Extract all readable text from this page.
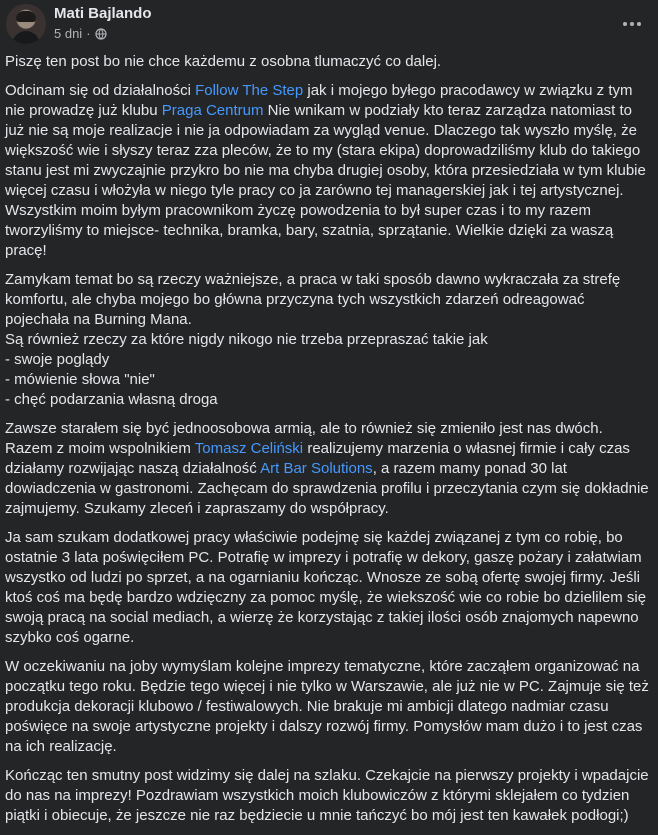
Mati Bajlando
5 dni ·

Piszę ten post bo nie chce każdemu z osobna tlumaczyć co dalej.

Odcinam się od działalności Follow The Step jak i mojego byłego pracodawcy w związku z tym nie prowadzę już klubu Praga Centrum Nie wnikam w podziały kto teraz zarządza natomiast to już nie są moje realizacje i nie ja odpowiadam za wygląd venue. Dlaczego tak wyszło myślę, że większość wie i słyszy teraz zza pleców, że to my (stara ekipa) doprowadziliśmy klub do takiego stanu jest mi zwyczajnie przykro bo nie ma chyba drugiej osoby, która przesiedziała w tym klubie więcej czasu i włożyła w niego tyle pracy co ja zarówno tej managerskiej jak i tej artystycznej. Wszystkim moim byłym pracownikom życzę powodzenia to był super czas i to my razem tworzyliśmy to miejsce- technika, bramka, bary, szatnia, sprzątanie. Wielkie dzięki za waszą pracę!

Zamykam temat bo są rzeczy ważniejsze, a praca w taki sposób dawno wykraczała za strefę komfortu, ale chyba mojego bo główna przyczyna tych wszystkich zdarzeń odreagować pojechała na Burning Mana.
Są również rzeczy za które nigdy nikogo nie trzeba przepraszać takie jak
- swoje poglądy
- mówienie słowa "nie"
- chęć podarzania własną droga

Zawsze starałem się być jednoosobowa armią, ale to również się zmieniło jest nas dwóch. Razem z moim wspolnikiem Tomasz Celiński realizujemy marzenia o własnej firmie i cały czas działamy rozwijając naszą działalność Art Bar Solutions, a razem mamy ponad 30 lat dowiadczenia w gastronomi. Zachęcam do sprawdzenia profilu i przeczytania czym się dokładnie zajmujemy. Szukamy zleceń i zapraszamy do współpracy.

Ja sam szukam dodatkowej pracy właściwie podejmę się każdej związanej z tym co robię, bo ostatnie 3 lata poświęciłem PC. Potrafię w imprezy i potrafię w dekory, gaszę pożary i załatwiam wszystko od ludzi po sprzet, a na ogarnianiu kończąc. Wnosze ze sobą ofertę swojej firmy. Jeśli ktoś coś ma będę bardzo wdzięczny za pomoc myślę, że wiekszość wie co robie bo dzielilem się swoją pracą na social mediach, a wierzę że korzystając z takiej ilości osób znajomych napewno szybko coś ogarne.

W oczekiwaniu na joby wymyślam kolejne imprezy tematyczne, które zacząłem organizować na początku tego roku. Będzie tego więcej i nie tylko w Warszawie, ale już nie w PC. Zajmuje się też produkcja dekoracji klubowo / festiwalowych. Nie brakuje mi ambicji dlatego nadmiar czasu poświęce na swoje artystyczne projekty i dalszy rozwój firmy. Pomysłów mam dużo i to jest czas na ich realizację.

Kończąc ten smutny post widzimy się dalej na szlaku. Czekajcie na pierwszy projekty i wpadajcie do nas na imprezy! Pozdrawiam wszystkich moich klubowiczów z którymi sklejałem co tydzien piątki i obiecuje, że jeszcze nie raz będziecie u mnie tańczyć bo mój jest ten kawałek podłogi;)
